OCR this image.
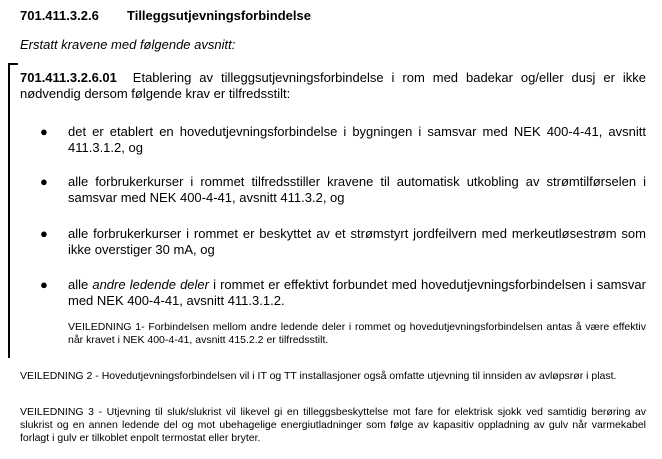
701.411.3.2.6 Tilleggsutjevningsforbindelse
Erstatt kravene med følgende avsnitt:
701.411.3.2.6.01 Etablering av tilleggsutjevningsforbindelse i rom med badekar og/eller dusj er ikke nødvendig dersom følgende krav er tilfredsstilt:
● det er etablert en hovedutjevningsforbindelse i bygningen i samsvar med NEK 400-4-41, avsnitt 411.3.1.2, og
● alle forbrukerkurser i rommet tilfredsstiller kravene til automatisk utkobling av strømtilførselen i samsvar med NEK 400-4-41, avsnitt 411.3.2, og
● alle forbrukerkurser i rommet er beskyttet av et strømstyrt jordfeilvern med merkeutløsestrøm som ikke overstiger 30 mA, og
● alle andre ledende deler i rommet er effektivt forbundet med hovedutjevningsforbindelsen i samsvar med NEK 400-4-41, avsnitt 411.3.1.2.
VEILEDNING 1- Forbindelsen mellom andre ledende deler i rommet og hovedutjevningsforbindelsen antas å være effektiv når kravet i NEK 400-4-41, avsnitt 415.2.2 er tilfredsstilt.
VEILEDNING 2 - Hovedutjevningsforbindelsen vil i IT og TT installasjoner også omfatte utjevning til innsiden av avløpsrør i plast.
VEILEDNING 3 - Utjevning til sluk/slukrist vil likevel gi en tilleggsbeskyttelse mot fare for elektrisk sjokk ved samtidig berøring av slukrist og en annen ledende del og mot ubehagelige energiutladninger som følge av kapasitiv oppladning av gulv når varmekabel forlagt i gulv er tilkoblet enpolt termostat eller bryter.
